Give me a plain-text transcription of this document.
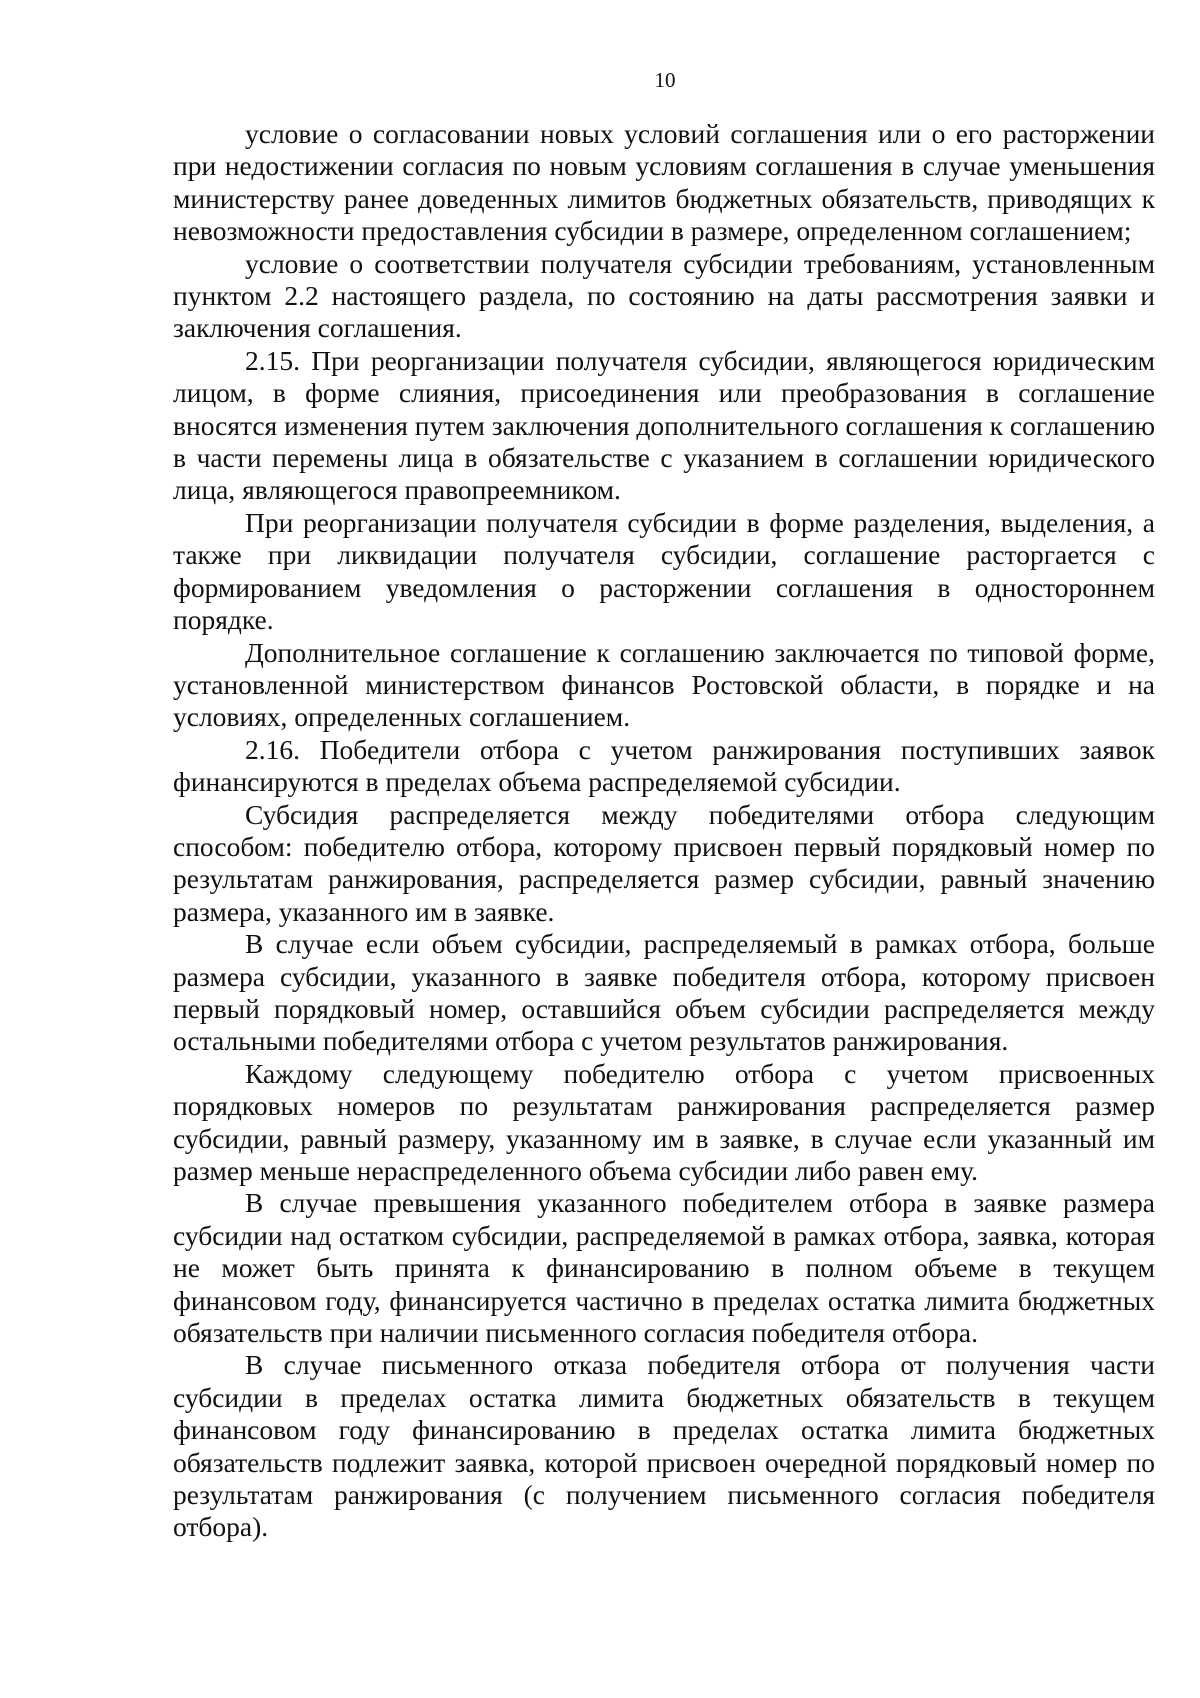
10

условие о согласовании новых условий соглашения или о его расторжении при недостижении согласия по новым условиям соглашения в случае уменьшения министерству ранее доведенных лимитов бюджетных обязательств, приводящих к невозможности предоставления субсидии в размере, определенном соглашением;

условие о соответствии получателя субсидии требованиям, установленным пунктом 2.2 настоящего раздела, по состоянию на даты рассмотрения заявки и заключения соглашения.

2.15. При реорганизации получателя субсидии, являющегося юридическим лицом, в форме слияния, присоединения или преобразования в соглашение вносятся изменения путем заключения дополнительного соглашения к соглашению в части перемены лица в обязательстве с указанием в соглашении юридического лица, являющегося правопреемником.

При реорганизации получателя субсидии в форме разделения, выделения, а также при ликвидации получателя субсидии, соглашение расторгается с формированием уведомления о расторжении соглашения в одностороннем порядке.

Дополнительное соглашение к соглашению заключается по типовой форме, установленной министерством финансов Ростовской области, в порядке и на условиях, определенных соглашением.

2.16. Победители отбора с учетом ранжирования поступивших заявок финансируются в пределах объема распределяемой субсидии.

Субсидия распределяется между победителями отбора следующим способом: победителю отбора, которому присвоен первый порядковый номер по результатам ранжирования, распределяется размер субсидии, равный значению размера, указанного им в заявке.

В случае если объем субсидии, распределяемый в рамках отбора, больше размера субсидии, указанного в заявке победителя отбора, которому присвоен первый порядковый номер, оставшийся объем субсидии распределяется между остальными победителями отбора с учетом результатов ранжирования.

Каждому следующему победителю отбора с учетом присвоенных порядковых номеров по результатам ранжирования распределяется размер субсидии, равный размеру, указанному им в заявке, в случае если указанный им размер меньше нераспределенного объема субсидии либо равен ему.

В случае превышения указанного победителем отбора в заявке размера субсидии над остатком субсидии, распределяемой в рамках отбора, заявка, которая не может быть принята к финансированию в полном объеме в текущем финансовом году, финансируется частично в пределах остатка лимита бюджетных обязательств при наличии письменного согласия победителя отбора.

В случае письменного отказа победителя отбора от получения части субсидии в пределах остатка лимита бюджетных обязательств в текущем финансовом году финансированию в пределах остатка лимита бюджетных обязательств подлежит заявка, которой присвоен очередной порядковый номер по результатам ранжирования (с получением письменного согласия победителя отбора).
